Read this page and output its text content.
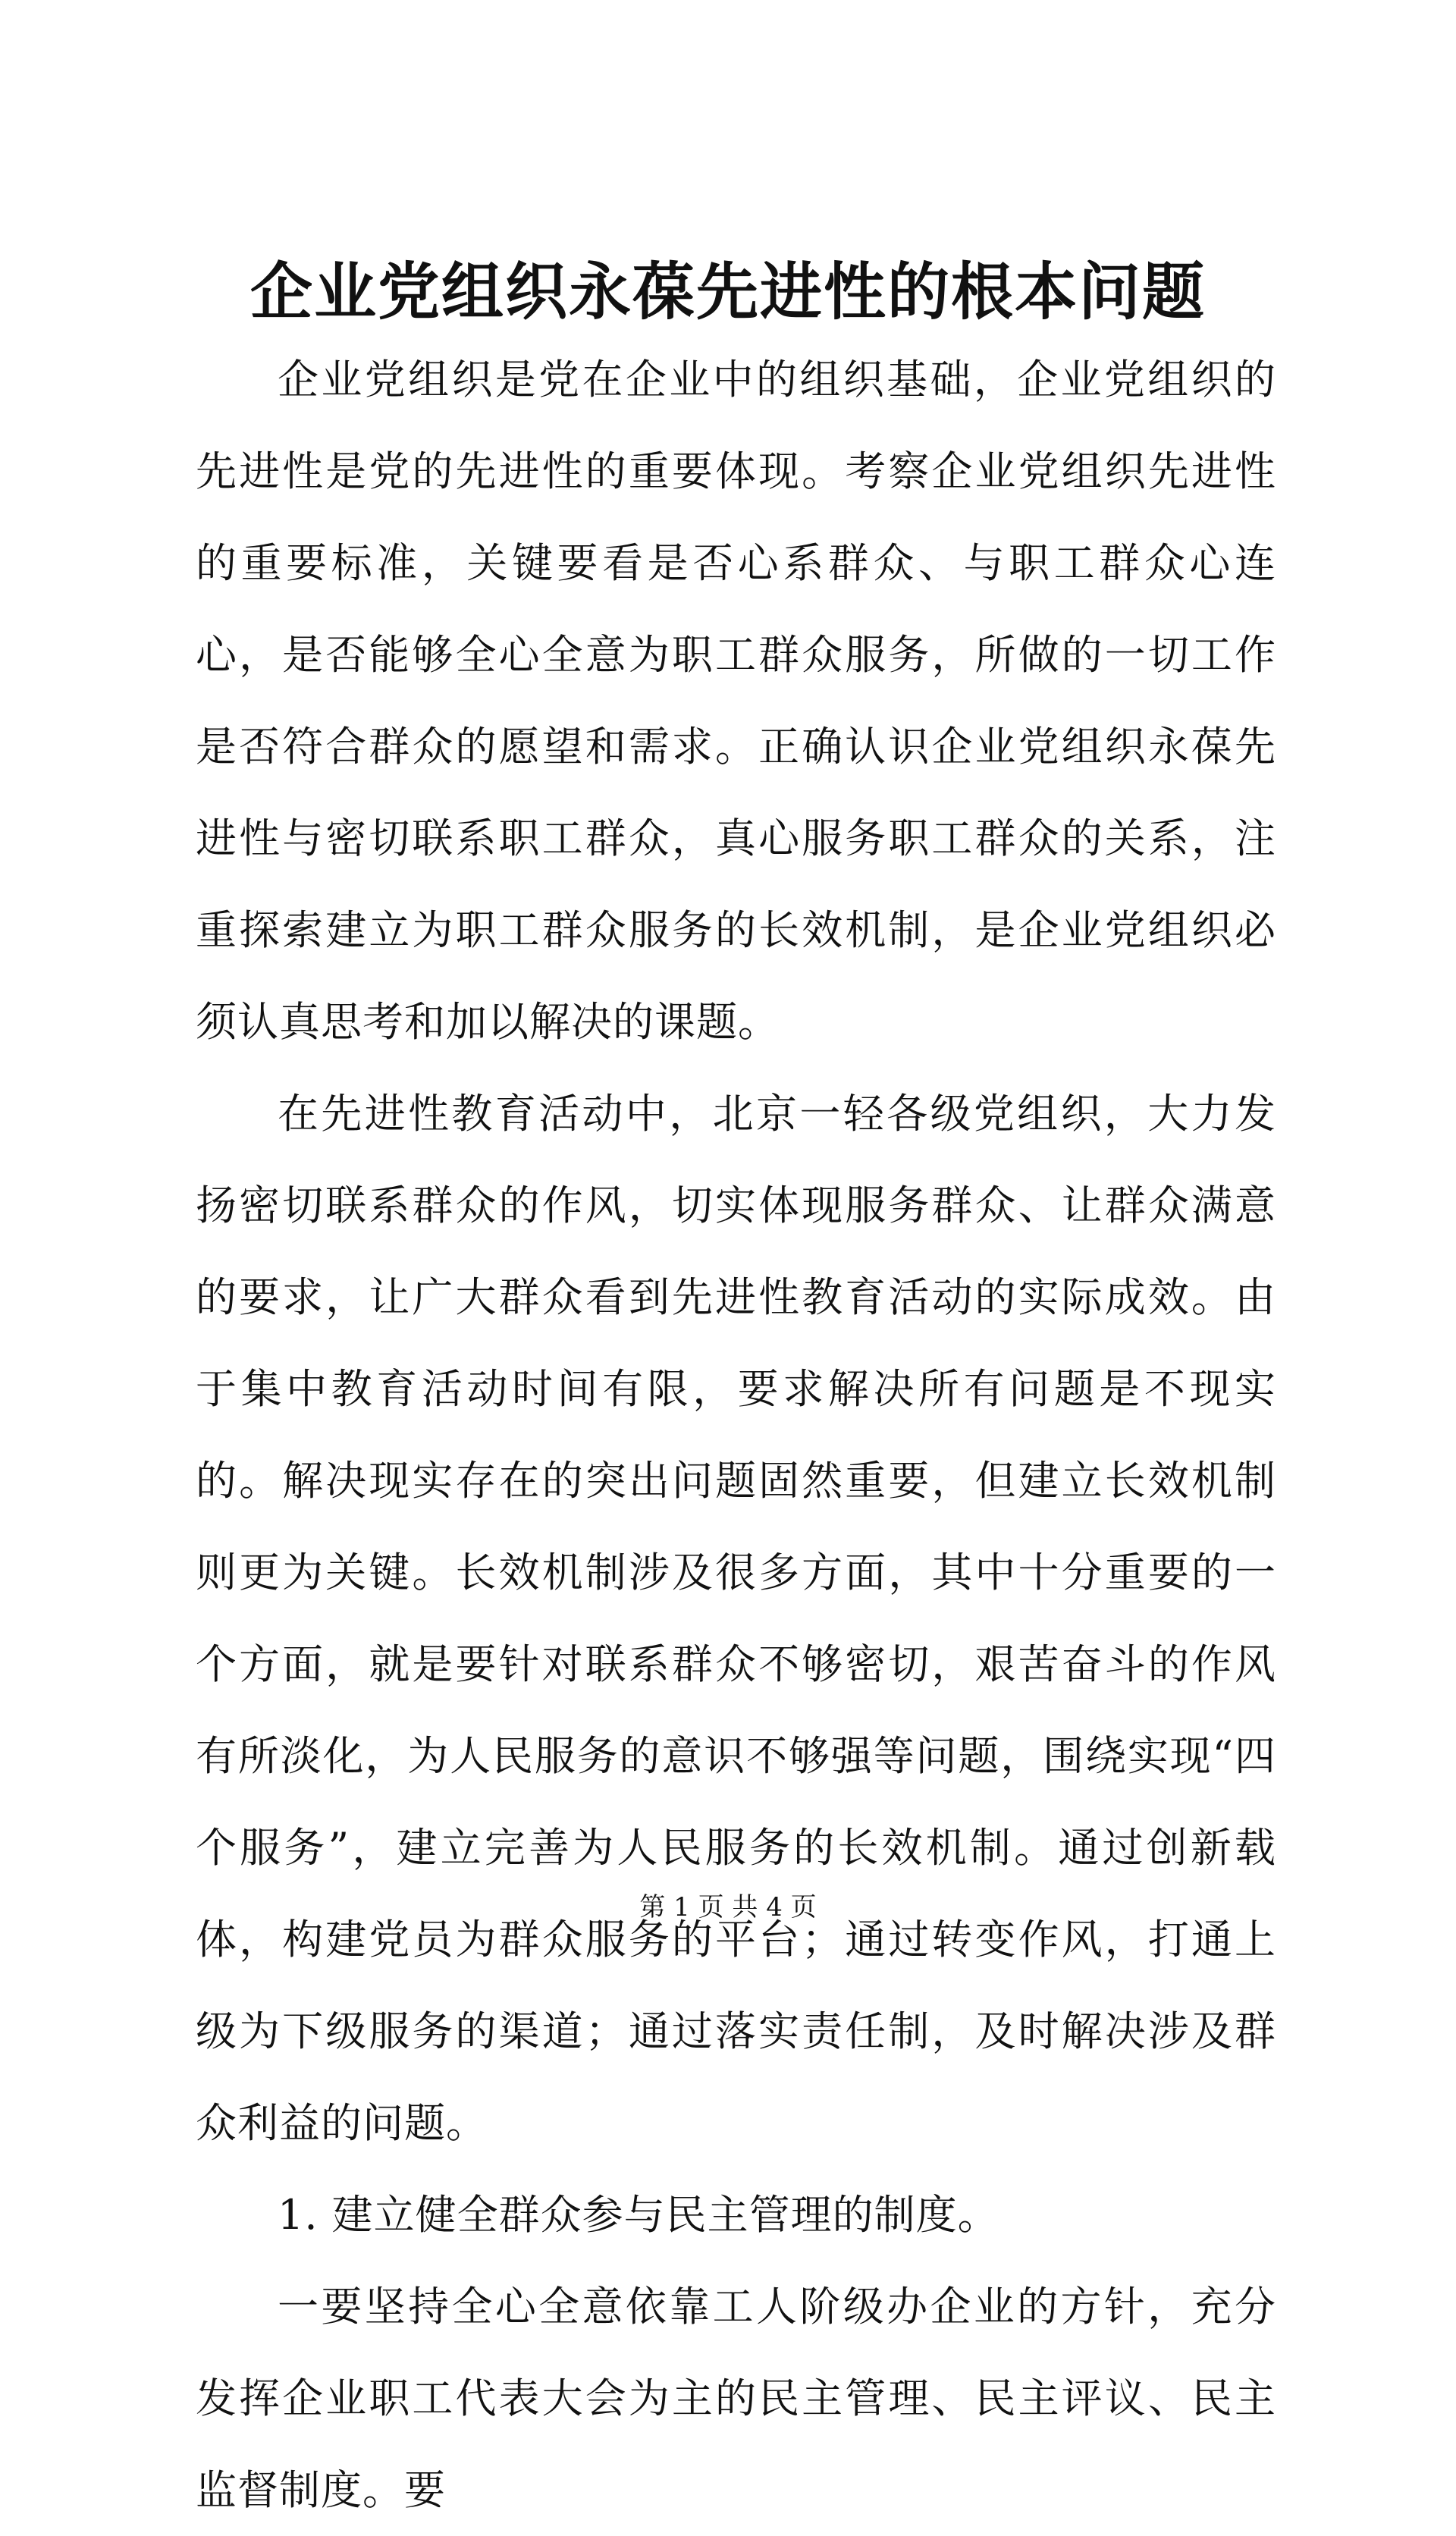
企业党组织永葆先进性的根本问题

企业党组织是党在企业中的组织基础，企业党组织的先进性是党的先进性的重要体现。考察企业党组织先进性的重要标准，关键要看是否心系群众、与职工群众心连心，是否能够全心全意为职工群众服务，所做的一切工作是否符合群众的愿望和需求。正确认识企业党组织永葆先进性与密切联系职工群众，真心服务职工群众的关系，注重探索建立为职工群众服务的长效机制，是企业党组织必须认真思考和加以解决的课题。

在先进性教育活动中，北京一轻各级党组织，大力发扬密切联系群众的作风，切实体现服务群众、让群众满意的要求，让广大群众看到先进性教育活动的实际成效。由于集中教育活动时间有限，要求解决所有问题是不现实的。解决现实存在的突出问题固然重要，但建立长效机制则更为关键。长效机制涉及很多方面，其中十分重要的一个方面，就是要针对联系群众不够密切，艰苦奋斗的作风有所淡化，为人民服务的意识不够强等问题，围绕实现“四个服务”，建立完善为人民服务的长效机制。通过创新载体，构建党员为群众服务的平台；通过转变作风，打通上级为下级服务的渠道；通过落实责任制，及时解决涉及群众利益的问题。

1. 建立健全群众参与民主管理的制度。

一要坚持全心全意依靠工人阶级办企业的方针，充分发挥企业职工代表大会为主的民主管理、民主评议、民主监督制度。要

第 1 页 共 4 页
